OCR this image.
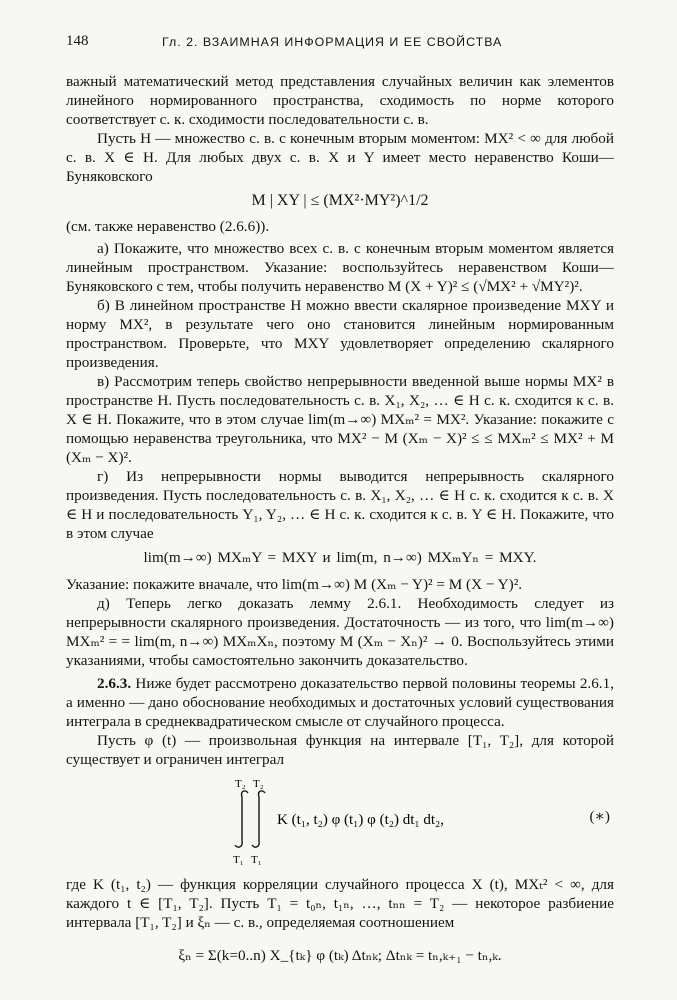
148	Гл. 2. ВЗАИМНАЯ ИНФОРМАЦИЯ И ЕЕ СВОЙСТВА

важный математический метод представления случайных величин как элементов линейного нормированного пространства, сходимость по норме которого соответствует с. к. сходимости последовательности с. в.

Пусть H — множество с. в. с конечным вторым моментом: MX² < ∞ для любой с. в. X ∈ H. Для любых двух с. в. X и Y имеет место неравенство Коши—Буняковского

M | XY | ≤ (MX²·MY²)^1/2

(см. также неравенство (2.6.6)).

а) Покажите, что множество всех с. в. с конечным вторым моментом является линейным пространством. Указание: воспользуйтесь неравенством Коши—Буняковского с тем, чтобы получить неравенство M (X + Y)² ≤ (√MX² + √MY²)².

б) В линейном пространстве H можно ввести скалярное произведение MXY и норму MX², в результате чего оно становится линейным нормированным пространством. Проверьте, что MXY удовлетворяет определению скалярного произведения.

в) Рассмотрим теперь свойство непрерывности введенной выше нормы MX² в пространстве H. Пусть последовательность с. в. X₁, X₂, … ∈ H с. к. сходится к с. в. X ∈ H. Покажите, что в этом случае lim(m→∞) MXₘ² = MX². Указание: покажите с помощью неравенства треугольника, что MX² − M (Xₘ − X)² ≤ ≤ MXₘ² ≤ MX² + M (Xₘ − X)².

г) Из непрерывности нормы выводится непрерывность скалярного произведения. Пусть последовательность с. в. X₁, X₂, … ∈ H с. к. сходится к с. в. X ∈ H и последовательность Y₁, Y₂, … ∈ H с. к. сходится к с. в. Y ∈ H. Покажите, что в этом случае

lim(m→∞) MXₘY = MXY и lim(m, n→∞) MXₘYₙ = MXY.

Указание: покажите вначале, что lim(m→∞) M (Xₘ − Y)² = M (X − Y)².

д) Теперь легко доказать лемму 2.6.1. Необходимость следует из непрерывности скалярного произведения. Достаточность — из того, что lim(m→∞) MXₘ² = = lim(m, n→∞) MXₘXₙ, поэтому M (Xₘ − Xₙ)² → 0. Воспользуйтесь этими указаниями, чтобы самостоятельно закончить доказательство.

2.6.3. Ниже будет рассмотрено доказательство первой половины теоремы 2.6.1, а именно — дано обоснование необходимых и достаточных условий существования интеграла в среднеквадратическом смысле от случайного процесса.

Пусть φ (t) — произвольная функция на интервале [T₁, T₂], для которой существует и ограничен интеграл

T₂ T₂
T₁ T₁
K (t₁, t₂) φ (t₁) φ (t₂) dt₁ dt₂,	(∗)

где K (t₁, t₂) — функция корреляции случайного процесса X (t), MXₜ² < ∞, для каждого t ∈ [T₁, T₂]. Пусть T₁ = t₀ₙ, t₁ₙ, …, tₙₙ = T₂ — некоторое разбиение интервала [T₁, T₂] и ξₙ — с. в., определяемая соотношением

ξₙ = Σ(k=0..n) X_{tₖ} φ (tₖ) Δtₙₖ; Δtₙₖ = tₙ,ₖ₊₁ − tₙ,ₖ.
